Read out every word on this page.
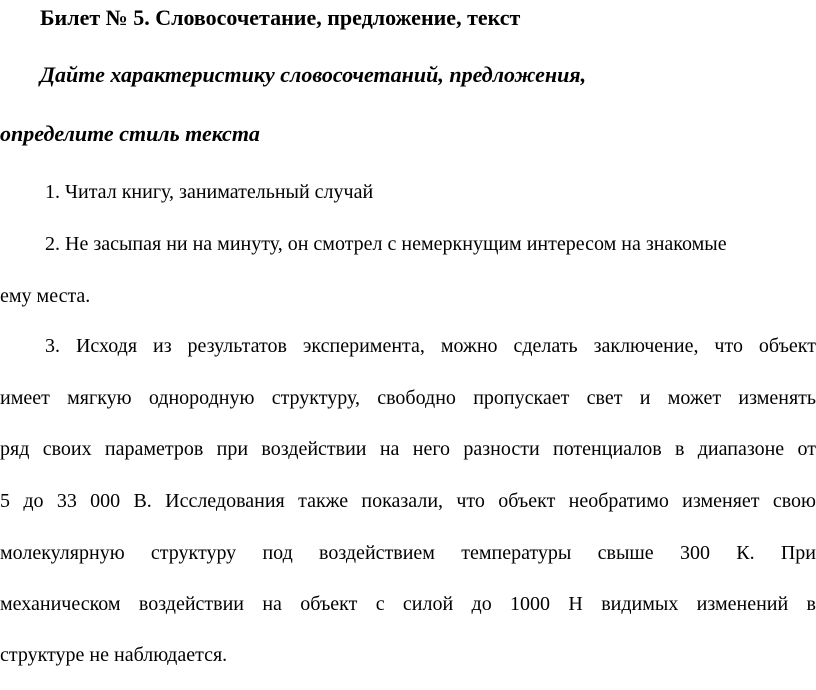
Билет № 5. Словосочетание, предложение, текст
Дайте характеристику словосочетаний, предложения,
определите стиль текста
1. Читал книгу, занимательный случай
2. Не засыпая ни на минуту, он смотрел с немеркнущим интересом на знакомые
ему места.
3. Исходя из результатов эксперимента, можно сделать заключение, что объект
имеет мягкую однородную структуру, свободно пропускает свет и может изменять
ряд своих параметров при воздействии на него разности потенциалов в диапазоне от
5 до 33 000 В. Исследования также показали, что объект необратимо изменяет свою
молекулярную структуру под воздействием температуры свыше 300 К. При
механическом воздействии на объект с силой до 1000 Н видимых изменений в
структуре не наблюдается.
